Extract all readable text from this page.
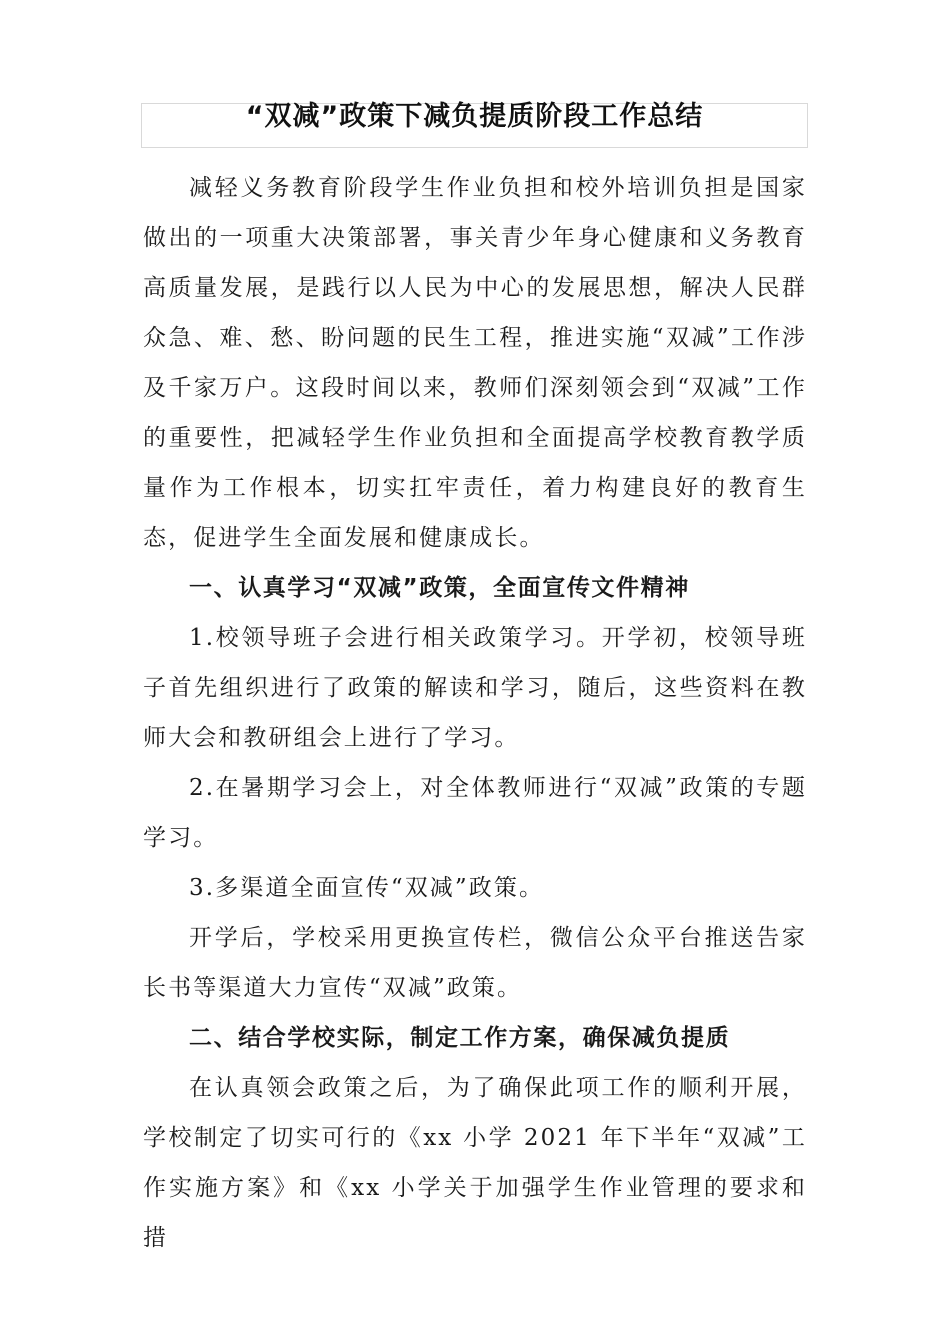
“双减”政策下减负提质阶段工作总结

减轻义务教育阶段学生作业负担和校外培训负担是国家做出的一项重大决策部署，事关青少年身心健康和义务教育高质量发展，是践行以人民为中心的发展思想，解决人民群众急、难、愁、盼问题的民生工程，推进实施“双减”工作涉及千家万户。这段时间以来，教师们深刻领会到“双减”工作的重要性，把减轻学生作业负担和全面提高学校教育教学质量作为工作根本，切实扛牢责任，着力构建良好的教育生态，促进学生全面发展和健康成长。

一、认真学习“双减”政策，全面宣传文件精神

1.校领导班子会进行相关政策学习。开学初，校领导班子首先组织进行了政策的解读和学习，随后，这些资料在教师大会和教研组会上进行了学习。

2.在暑期学习会上，对全体教师进行“双减”政策的专题学习。

3.多渠道全面宣传“双减”政策。

开学后，学校采用更换宣传栏，微信公众平台推送告家长书等渠道大力宣传“双减”政策。

二、结合学校实际，制定工作方案，确保减负提质

在认真领会政策之后，为了确保此项工作的顺利开展，学校制定了切实可行的《xx 小学 2021 年下半年“双减”工作实施方案》和《xx 小学关于加强学生作业管理的要求和措
